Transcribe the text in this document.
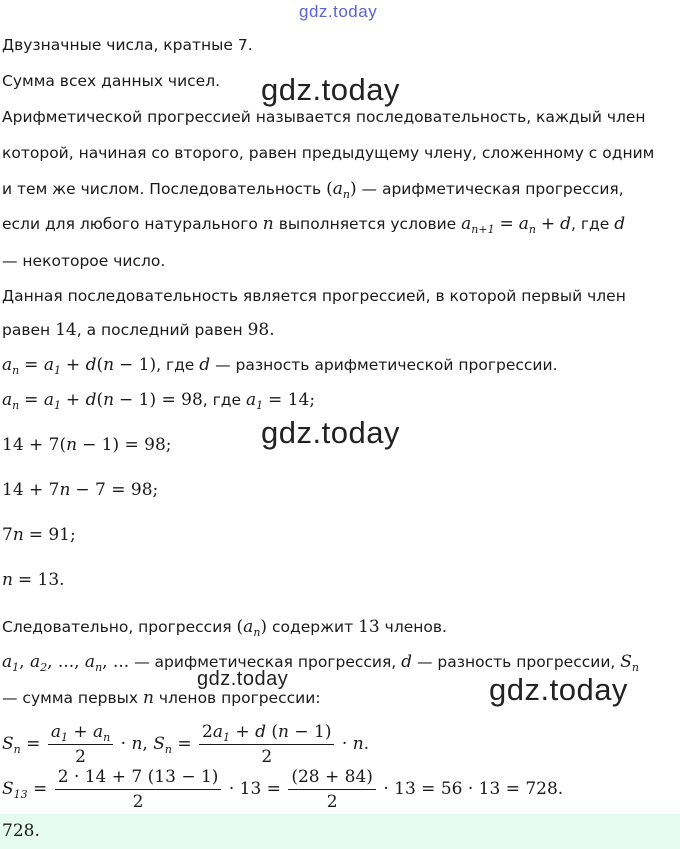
gdz.today
gdz.today
gdz.today
gdz.today	gdz.today
Двузначные числа, кратные 7.
Сумма всех данных чисел.
Арифметической прогрессией называется последовательность, каждый член
которой, начиная со второго, равен предыдущему члену, сложенному с одним
и тем же числом. Последовательность $(a_n)$ — арифметическая прогрессия,
если для любого натурального n выполняется условие $a_{n+1} = a_n + d$, где d
— некоторое число.
Данная последовательность является прогрессией, в которой первый член
равен 14, а последний равен 98.
$a_n = a_1 + d(n - 1)$, где d — разность арифметической прогрессии.
$a_n = a_1 + d(n - 1) = 98$, где $a_1 = 14$;
14 + 7(n − 1) = 98;
14 + 7n − 7 = 98;
7n = 91;
n = 13.
Следовательно, прогрессия $(a_n)$ содержит 13 членов.
$a_1$, $a_2$, ..., $a_n$, ... — арифметическая прогрессия, d — разность прогрессии, $S_n$
— сумма первых n членов прогрессии:
$S_n = \frac{a_1 + a_n}{2} \cdot n$, $S_n = \frac{2a_1 + d (n - 1)}{2} \cdot n$.
$S_{13} = \frac{2 \cdot 14 + 7 (13 - 1)}{2} \cdot 13 = \frac{(28 + 84)}{2} \cdot 13 = 56 \cdot 13 = 728$.
728.
